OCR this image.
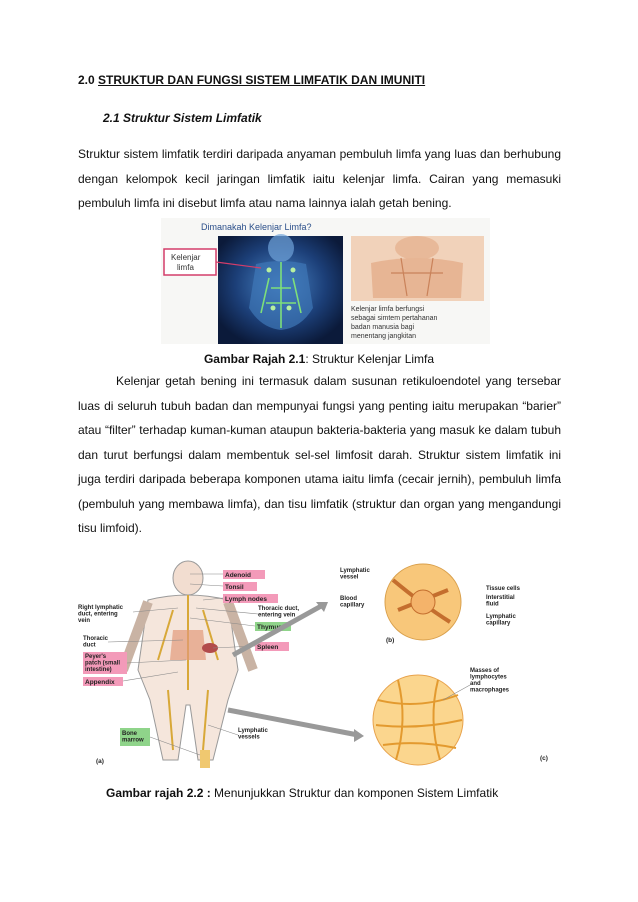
2.0 STRUKTUR DAN FUNGSI SISTEM LIMFATIK DAN IMUNITI
2.1 Struktur Sistem Limfatik
Struktur sistem limfatik terdiri daripada anyaman pembuluh limfa yang luas dan berhubung dengan kelompok kecil jaringan limfatik iaitu kelenjar limfa. Cairan yang memasuki pembuluh limfa ini disebut limfa atau nama lainnya ialah getah bening.
Dimanakah Kelenjar Limfa?
Kelenjar
limfa
Kelenjar limfa berfungsi
sebagai simtem pertahanan
badan manusia bagi
menentang jangkitan
Gambar Rajah 2.1: Struktur Kelenjar Limfa
Kelenjar getah bening ini termasuk dalam susunan retikuloendotel yang tersebar luas di seluruh tubuh badan dan mempunyai fungsi yang penting iaitu merupakan “barier” atau “filter” terhadap kuman-kuman ataupun bakteria-bakteria yang masuk ke dalam tubuh dan turut berfungsi dalam membentuk sel-sel limfosit darah. Struktur sistem limfatik ini juga terdiri daripada beberapa komponen utama iaitu limfa (cecair jernih), pembuluh limfa (pembuluh yang membawa limfa), dan tisu limfatik (struktur dan organ yang mengandungi tisu limfoid).
Adenoid
Tonsil
Lymph nodes
Right lymphatic duct, entering vein
Thoracic duct, entering vein
Thymus
Thoracic duct	Spleen
Peyer's patch (small intestine)
Appendix
Bone marrow
Lymphatic vessels
(a)
Lymphatic vessel
Blood capillary
Tissue cells
Interstitial fluid
Lymphatic capillary
(b)
Masses of lymphocytes and macrophages
(c)
Gambar rajah 2.2 : Menunjukkan Struktur dan komponen Sistem Limfatik
